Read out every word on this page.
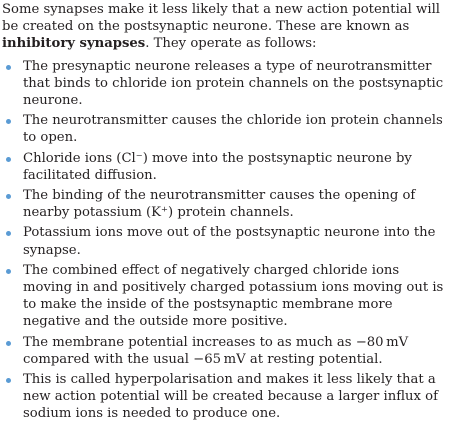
Some synapses make it less likely that a new action potential will be created on the postsynaptic neurone. These are known as inhibitory synapses. They operate as follows:

The presynaptic neurone releases a type of neurotransmitter that binds to chloride ion protein channels on the postsynaptic neurone.
The neurotransmitter causes the chloride ion protein channels to open.
Chloride ions (Cl⁻) move into the postsynaptic neurone by facilitated diffusion.
The binding of the neurotransmitter causes the opening of nearby potassium (K⁺) protein channels.
Potassium ions move out of the postsynaptic neurone into the synapse.
The combined effect of negatively charged chloride ions moving in and positively charged potassium ions moving out is to make the inside of the postsynaptic membrane more negative and the outside more positive.
The membrane potential increases to as much as −80 mV compared with the usual −65 mV at resting potential.
This is called hyperpolarisation and makes it less likely that a new action potential will be created because a larger influx of sodium ions is needed to produce one.
